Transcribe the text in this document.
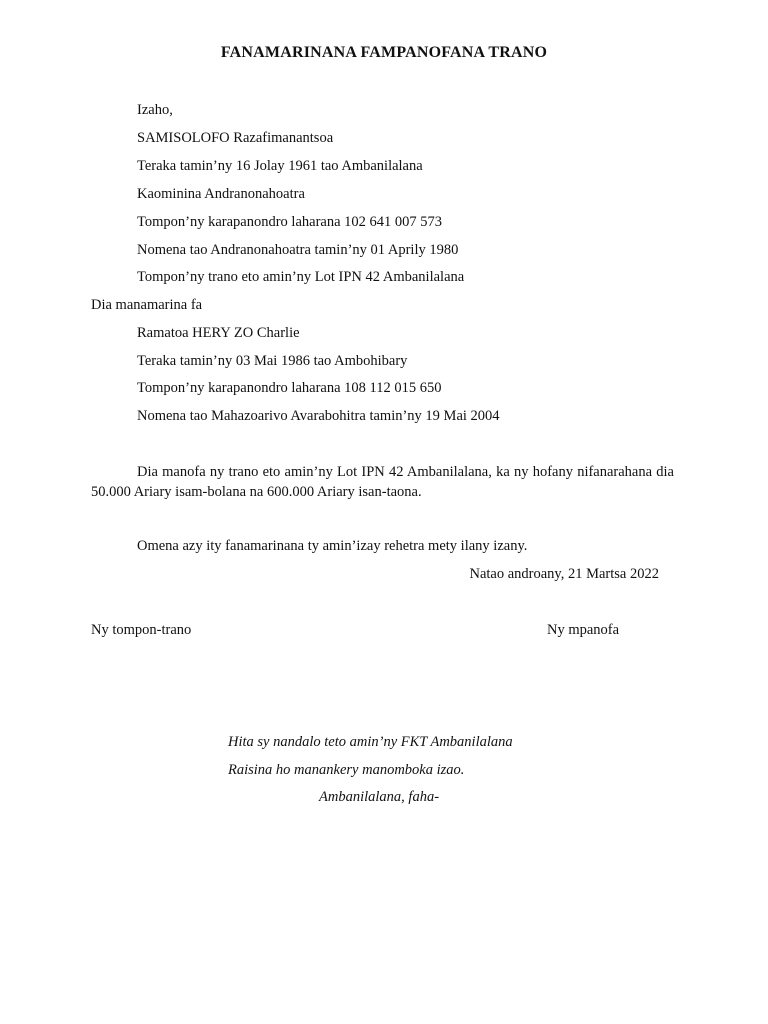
FANAMARINANA FAMPANOFANA TRANO
Izaho,
SAMISOLOFO Razafimanantsoa
Teraka tamin’ny 16 Jolay 1961 tao Ambanilalana
Kaominina Andranonahoatra
Tompon’ny karapanondro laharana 102 641 007 573
Nomena tao Andranonahoatra tamin’ny 01 Aprily 1980
Tompon’ny trano eto amin’ny Lot IPN 42 Ambanilalana
Dia manamarina fa
Ramatoa HERY ZO Charlie
Teraka tamin’ny 03 Mai 1986 tao Ambohibary
Tompon’ny karapanondro laharana 108 112 015 650
Nomena tao Mahazoarivo Avarabohitra tamin’ny 19 Mai 2004
Dia manofa ny trano eto amin’ny Lot IPN 42 Ambanilalana, ka ny hofany nifanarahana dia 50.000 Ariary isam-bolana na 600.000 Ariary isan-taona.
Omena azy ity fanamarinana ty amin’izay rehetra mety ilany izany.
Natao androany, 21 Martsa 2022
Ny tompon-trano	Ny mpanofa
Hita sy nandalo teto amin’ny FKT Ambanilalana
Raisina ho manankery manomboka izao.
Ambanilalana, faha-
